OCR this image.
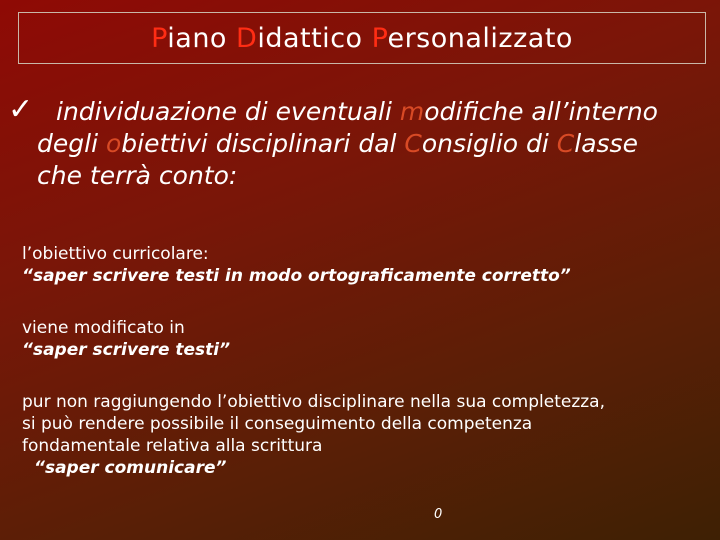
Piano Didattico Personalizzato
✓ individuazione di eventuali modifiche all’interno
degli obiettivi disciplinari dal Consiglio di Classe
che terrà conto:
l’obiettivo curricolare:
“saper scrivere testi in modo ortograficamente corretto”
viene modificato in
“saper scrivere testi”
pur non raggiungendo l’obiettivo disciplinare nella sua completezza,
si può rendere possibile il conseguimento della competenza
fondamentale relativa alla scrittura
“saper comunicare”
0
